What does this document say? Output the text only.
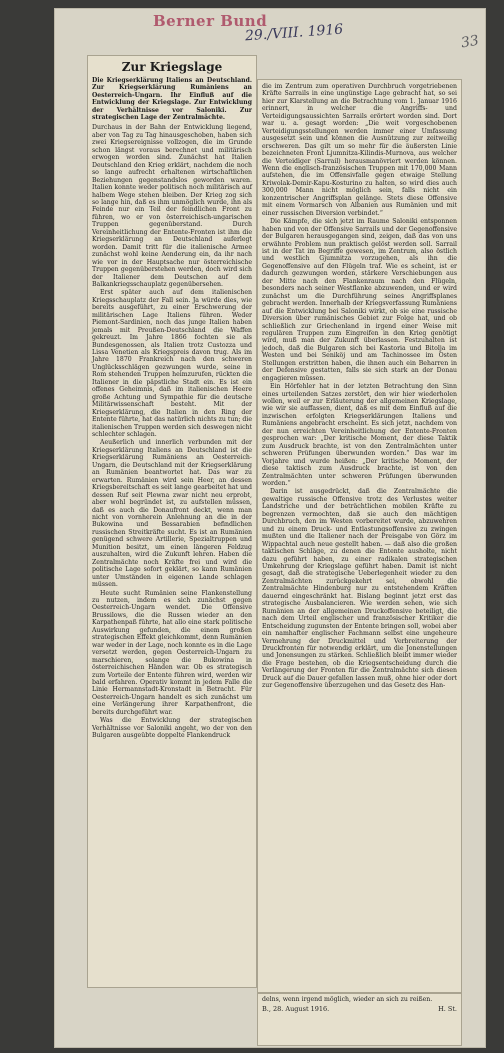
Berner Bund
29./VIII. 1916	33
Zur Kriegslage
Die Kriegserklärung Italiens an Deutschland. Zur Kriegserklärung Rumäniens an Oesterreich-Ungarn. Ihr Einfluß auf die Entwicklung der Kriegslage. Zur Entwicklung der Verhältnisse vor Saloniki. Zur strategischen Lage der Zentralmächte.

Durchaus in der Bahn der Entwicklung liegend, aber von Tag zu Tag hinausgeschoben, haben sich zwei Kriegsereignisse vollzogen, die im Grunde schon längst voraus berechnet und militärisch erwogen worden sind. Zunächst hat Italien Deutschland den Krieg erklärt, nachdem die noch so lange aufrecht erhaltenen wirtschaftlichen Beziehungen gegenstandslos geworden waren. Italien konnte weder politisch noch militärisch auf halbem Wege stehen bleiben. Der Krieg zog sich so lange hin, daß es ihm unmöglich wurde, ihn als Feinde nur ein Teil der feindlichen Front zu führen, wo er von österreichisch-ungarischen Truppen gegenüberstand. Durch Vereinheitlichung der Entente-Fronten ist ihm die Kriegserklärung an Deutschland auferlegt worden. Damit tritt für die italienische Armee zunächst wohl keine Aenderung ein, da ihr nach wie vor in der Hauptsache nur österreichische Truppen gegenüberstehen werden, doch wird sich der Italiener dem Deutschen auf dem Balkankriegsschauplatz gegenübersehen.

Erst später auch auf dem italienischen Kriegsschauplatz der Fall sein. Ja würde dies, wie bereits ausgeführt, zu einer Erschwerung der militärischen Lage Italiens führen. Weder Piemont-Sardinien, noch das junge Italien haben jemals mit Preußen-Deutschland die Waffen gekreuzt. Im Jahre 1866 fochten sie als Bundesgenossen, als Italien trotz Custozza und Lissa Venetien als Kriegspreis davon trug. Als im Jahre 1870 Frankreich nach den schweren Unglücksschlägen gezwungen wurde, seine in Rom stehenden Truppen heimzurufen, rückten die Italiener in die päpstliche Stadt ein. Es ist ein offenes Geheimnis, daß im italienischen Heere große Achtung und Sympathie für die deutsche Militärwissenschaft besteht. Mit der Kriegserklärung, die Italien in den Ring der Entente führte, hat das natürlich nichts zu tun; die italienischen Truppen werden sich deswegen nicht schlechter schlagen.

Aeußerlich und innerlich verbunden mit der Kriegserklärung Italiens an Deutschland ist die Kriegserklärung Rumäniens an Oesterreich-Ungarn, die Deutschland mit der Kriegserklärung an Rumänien beantwortet hat. Das war zu erwarten. Rumänien wird sein Heer, an dessen Kriegsbereitschaft es seit lange gearbeitet hat und dessen Ruf seit Plewna zwar nicht neu erprobt, aber wohl begründet ist, zu aufstellen müssen, daß es auch die Donaufront deckt, wenn man nicht von vornherein Anlehnung an die in der Bukowina und Bessarabien befindlichen russischen Streitkräfte sucht. Es ist an Rumänien genügend schwere Artillerie, Spezialtruppen und Munition besitzt, um einen längeren Feldzug auszuhalten, wird die Zukunft lehren. Haben die Zentralmächte noch Kräfte frei und wird die politische Lage sofort geklärt, so kann Rumänien unter Umständen in eigenen Lande schlagen müssen.

Heute sucht Rumänien seine Flankenstellung zu nutzen, indem es sich zunächst gegen Oesterreich-Ungarn wendet. Die Offensive Brussilows, die die Russen wieder an den Karpathenpaß führte, hat allo eine stark politische Auswirkung gefunden, die einem großen strategischen Effekt gleichkommt, denn Rumänien war weder in der Lage, noch konnte es in die Lage versetzt werden, gegen Oesterreich-Ungarn zu marschieren, solange die Bukowina in österreichischen Händen war. Ob es strategisch zum Vorteile der Entente führen wird, werden wir bald erfahren. Operativ kommt in jedem Falle die Linie Hermannstadt-Kronstadt in Betracht. Für Oesterreich-Ungarn handelt es sich zunächst um eine Verlängerung ihrer Karpathenfront, die bereits durchgeführt war.

Was die Entwicklung der strategischen Verhältnisse vor Saloniki angeht, wo der von den Bulgaren ausgeübte doppelte Flankendruck

die im Zentrum zum operativen Durchbruch vorgetriebenen Kräfte Sarrails in eine ungünstige Lage gebracht hat, so sei hier zur Klarstellung an die Betrachtung vom 1. Januar 1916 erinnert, in welcher die Angriffs- und Verteidigungsaussichten Sarrails erörtert worden sind. Dort war u. a. gesagt worden: „Die weit vorgeschobenen Verteidigungsstellungen werden immer einer Umfassung ausgesetzt sein und können die Ausnützung zur zeitweilig erschweren. Das gilt um so mehr für die äußersten Linie bezeichneten Front Ljumnitza-Kilindis-Murnova, aus welcher die Verteidiger (Sarrail) herausmanövriert werden können. Wenn die englisch-französischen Truppen mit 170,000 Mann aufstehen, die im Offensivfalle gegen etwaige Stellung Kriwolak-Demir-Kapu-Kosturino zu halten, so wird dies auch 300,000 Mann nicht möglich sein, falls nicht ein konzentrischer Angriffsplan gelänge. Stets diese Offensive mit einem Vormarsch von Albanien aus Rumänien und mit einer russischen Diversion verbindet.“

Die Kämpfe, die sich jetzt im Raume Saloniki entsponnen haben und von der Offensive Sarrails und der Gegenoffensive der Bulgaren herausgegangen sind, zeigen, daß das von uns erwähnte Problem nun praktisch gelöst werden soll. Sarrail ist in der Tat im Begriffe gewesen, im Zentrum, also östlich und westlich Gjumnitza vorzugehen, als ihn die Gegenoffensive auf den Flügeln traf. Wie es scheint, ist er dadurch gezwungen worden, stärkere Verschiebungen aus der Mitte nach den Flankenraum nach den Flügeln, besonders nach seiner Westflanke abzuwenden, und er wird zunächst um die Durchführung seines Angriffsplanes gebracht werden. Innerhalb der Kriegsverfassung Rumäniens auf die Entwicklung bei Saloniki wirkt, ob sie eine russische Diversion über rumänisches Gebiet zur Folge hat, und ob schließlich zur Griechenland in irgend einer Weise mit regulären Truppen zum Eingreifen in den Krieg genötigt wird, muß man der Zukunft überlassen. Festzuhalten ist jedoch, daß die Bulgaren sich bei Kastoria und Bitolja im Westen und bei Seniköj und am Tachinossee im Osten Stellungen erstritten haben, die ihnen auch ein Beharren in der Defensive gestatten, falls sie sich stark an der Donau engagieren müssen.

Ein Hörfehler hat in der letzten Betrachtung den Sinn eines urteilenden Satzes zerstört, den wir hier wiederholen wollen, weil er zur Erläuterung der allgemeinen Kriegslage, wie wir sie auffassen, dient, daß es mit dem Einfluß auf die inzwischen erfolgten Kriegserklärungen Italiens und Rumäniens angebracht erscheint. Es sich jetzt, nachdem von der nun erreichten Vereinheitlichung der Entente-Fronten gesprochen war: „Der kritische Moment, der diese Taktik zum Ausdruck brachte, ist von den Zentralmächten unter schweren Prüfungen überwunden worden.“ Das war im Vorjahre und wurde heißen: „Der kritische Moment, der diese taktisch zum Ausdruck brachte, ist von den Zentralmächten unter schweren Prüfungen überwunden worden.“

Darin ist ausgedrückt, daß die Zentralmächte die gewaltige russische Offensive trotz des Verlustes weiter Landstriche und der beträchtlichen mobilen Kräfte zu begrenzen vermochten, daß sie auch den mächtigen Durchbruch, den im Westen vorbereitet wurde, abzuwehren und zu einem Druck- und Entlastungsoffensive zu zwingen mußten und die Italiener nach der Preisgabe von Görz im Wippachtal auch neue gestellt haben. — daß also die großen taktischen Schläge, zu denen die Entente ausholte, nicht dazu geführt haben, zu einer radikalen strategischen Umkehrung der Kriegslage geführt haben. Damit ist nicht gesagt, daß die strategische Ueberlegenheit wieder zu den Zentralmächten zurückgekehrt sei, obwohl die Zentralmächte Hindenburg nur zu entstehendem Kräften dauernd eingeschränkt hat. Bislang beginnt jetzt erst das strategische Ausbalancieren. Wie werden sehen, wie sich Rumänien an der allgemeinen Druckoffensive beteiligt, die nach dem Urteil englischer und französischer Kritiker die Entscheidung zugunsten der Entente bringen soll, wobei aber ein namhafter englischer Fachmann selbst eine ungeheure Vermehrung der Druckmittel und Verbreiterung der Druckfronten für notwendig erklärt, um die Jonenstellungen und Jonensungen zu stärken. Schließlich bleibt immer wieder die Frage bestehen, ob die Kriegsentscheidung durch die Verlängerung der Fronten für die Zentralmächte sich diesen Druck auf die Dauer gefallen lassen muß, ohne hier oder dort zur Gegenoffensive überzugehen und das Gesetz des Han-

delns, wenn irgend möglich, wieder an sich zu reißen.
B., 28. August 1916.	H. St.
